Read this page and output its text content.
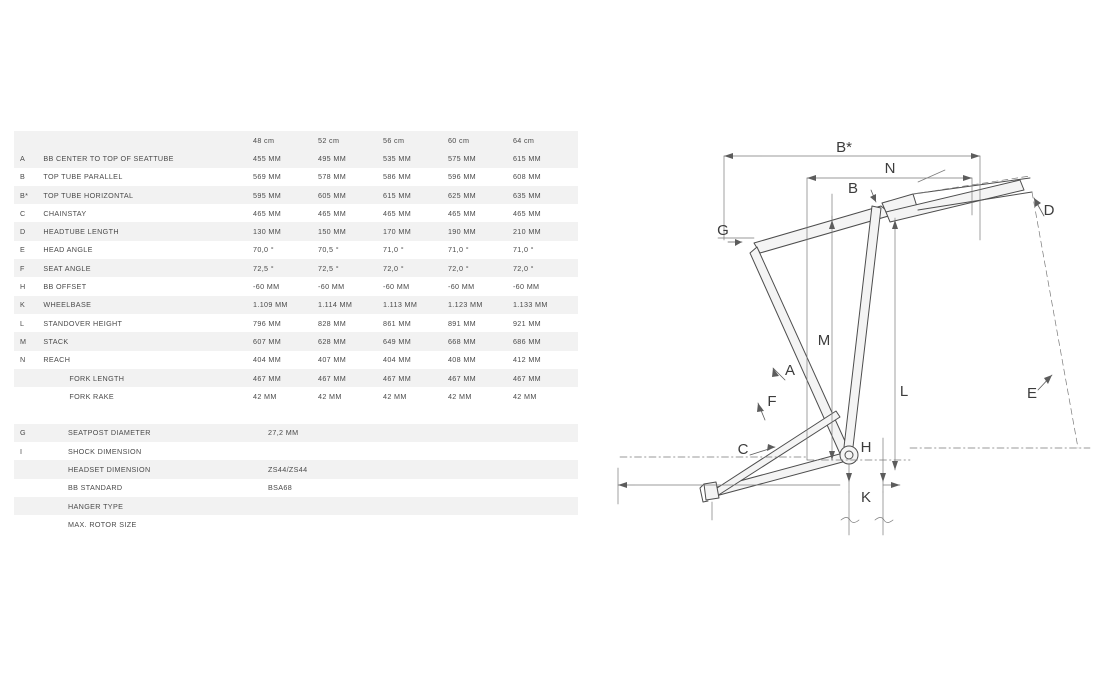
		48 cm	52 cm	56 cm	60 cm	64 cm
A	BB CENTER TO TOP OF SEATTUBE	455 MM	495 MM	535 MM	575 MM	615 MM
B	TOP TUBE PARALLEL	569 MM	578 MM	586 MM	596 MM	608 MM
B*	TOP TUBE HORIZONTAL	595 MM	605 MM	615 MM	625 MM	635 MM
C	CHAINSTAY	465 MM	465 MM	465 MM	465 MM	465 MM
D	HEADTUBE LENGTH	130 MM	150 MM	170 MM	190 MM	210 MM
E	HEAD ANGLE	70,0 °	70,5 °	71,0 °	71,0 °	71,0 °
F	SEAT ANGLE	72,5 °	72,5 °	72,0 °	72,0 °	72,0 °
H	BB OFFSET	-60 MM	-60 MM	-60 MM	-60 MM	-60 MM
K	WHEELBASE	1.109 MM	1.114 MM	1.113 MM	1.123 MM	1.133 MM
L	STANDOVER HEIGHT	796 MM	828 MM	861 MM	891 MM	921 MM
M	STACK	607 MM	628 MM	649 MM	668 MM	686 MM
N	REACH	404 MM	407 MM	404 MM	408 MM	412 MM
	FORK LENGTH	467 MM	467 MM	467 MM	467 MM	467 MM
	FORK RAKE	42 MM	42 MM	42 MM	42 MM	42 MM

G	SEATPOST DIAMETER	27,2 MM
I	SHOCK DIMENSION	
	HEADSET DIMENSION	ZS44/ZS44
	BB STANDARD	BSA68
	HANGER TYPE	
	MAX. ROTOR SIZE	
B*
N
B
D
G
M
L
A
F	E
C	H
K
